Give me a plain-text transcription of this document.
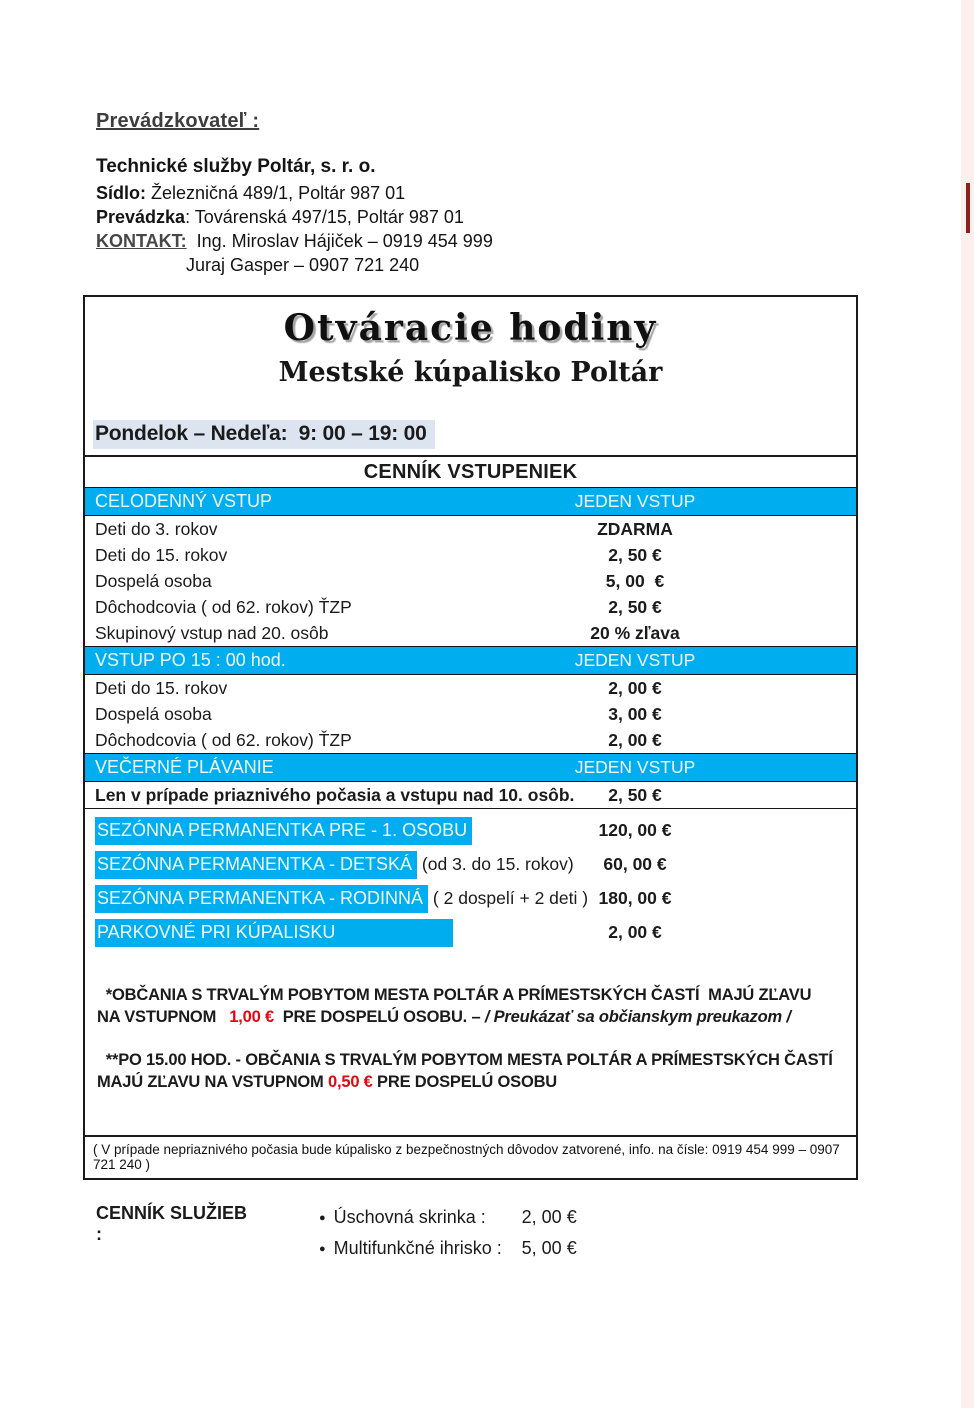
Prevádzkovateľ :
Technické služby Poltár, s. r. o.
Sídlo: Železničná 489/1, Poltár 987 01
Prevádzka: Továrenská 497/15, Poltár 987 01
KONTAKT:  Ing. Miroslav Hájiček – 0919 454 999
Juraj Gasper – 0907 721 240
Otváracie hodiny
Mestské kúpalisko Poltár
Pondelok – Nedeľa:  9: 00 – 19: 00
CENNÍK VSTUPENIEK
CELODENNÝ VSTUP	JEDEN VSTUP
Deti do 3. rokov	ZDARMA
Deti do 15. rokov	2, 50 €
Dospelá osoba	5, 00  €
Dôchodcovia ( od 62. rokov) ŤZP	2, 50 €
Skupinový vstup nad 20. osôb	20 % zľava
VSTUP PO 15 : 00 hod.	JEDEN VSTUP
Deti do 15. rokov	2, 00 €
Dospelá osoba	3, 00 €
Dôchodcovia ( od 62. rokov) ŤZP	2, 00 €
VEČERNÉ PLÁVANIE	JEDEN VSTUP
Len v prípade priaznivého počasia a vstupu nad 10. osôb.	2, 50 €
SEZÓNNA PERMANENTKA PRE - 1. OSOBU	120, 00 €
SEZÓNNA PERMANENTKA - DETSKÁ (od 3. do 15. rokov)	60, 00 €
SEZÓNNA PERMANENTKA - RODINNÁ ( 2 dospelí + 2 deti ) 180, 00 €
PARKOVNÉ PRI KÚPALISKU	2, 00 €

*OBČANIA S TRVALÝM POBYTOM MESTA POLTÁR A PRÍMESTSKÝCH ČASTÍ  MAJÚ ZĽAVU NA VSTUPNOM   1,00 €  PRE DOSPELÚ OSOBU. – / Preukázať sa občianskym preukazom /

**PO 15.00 HOD. - OBČANIA S TRVALÝM POBYTOM MESTA POLTÁR A PRÍMESTSKÝCH ČASTÍ MAJÚ ZĽAVU NA VSTUPNOM 0,50 € PRE DOSPELÚ OSOBU

( V prípade nepriaznivého počasia bude kúpalisko z bezpečnostných dôvodov zatvorené, info. na čísle: 0919 454 999 – 0907 721 240 )
CENNÍK SLUŽIEB :
● Úschovná skrinka :	2, 00 €
● Multifunkčné ihrisko :	5, 00 €
